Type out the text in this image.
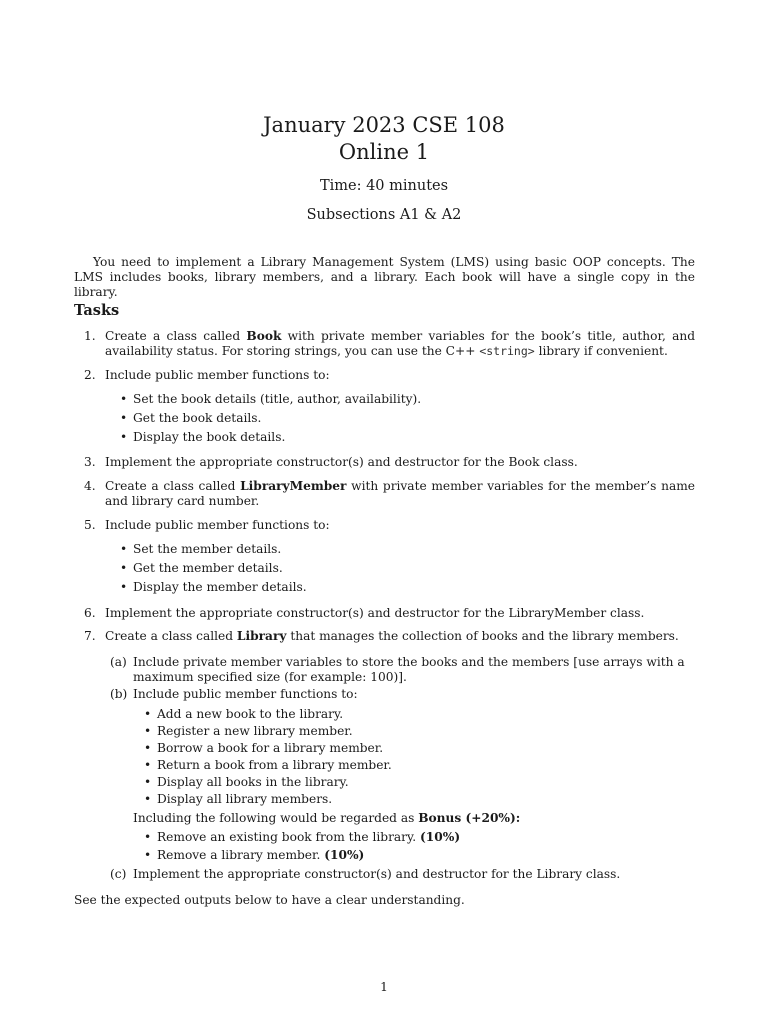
January 2023 CSE 108
Online 1
Time: 40 minutes
Subsections A1 & A2

You need to implement a Library Management System (LMS) using basic OOP concepts. The LMS includes books, library members, and a library. Each book will have a single copy in the library.

Tasks
1. Create a class called Book with private member variables for the book’s title, author, and availability status. For storing strings, you can use the C++ <string> library if convenient.
2. Include public member functions to:
• Set the book details (title, author, availability).
• Get the book details.
• Display the book details.
3. Implement the appropriate constructor(s) and destructor for the Book class.
4. Create a class called LibraryMember with private member variables for the member’s name and library card number.
5. Include public member functions to:
• Set the member details.
• Get the member details.
• Display the member details.
6. Implement the appropriate constructor(s) and destructor for the LibraryMember class.
7. Create a class called Library that manages the collection of books and the library members.
(a) Include private member variables to store the books and the members [use arrays with a maximum specified size (for example: 100)].
(b) Include public member functions to:
• Add a new book to the library.
• Register a new library member.
• Borrow a book for a library member.
• Return a book from a library member.
• Display all books in the library.
• Display all library members.
Including the following would be regarded as Bonus (+20%):
• Remove an existing book from the library. (10%)
• Remove a library member. (10%)
(c) Implement the appropriate constructor(s) and destructor for the Library class.
See the expected outputs below to have a clear understanding.
1
